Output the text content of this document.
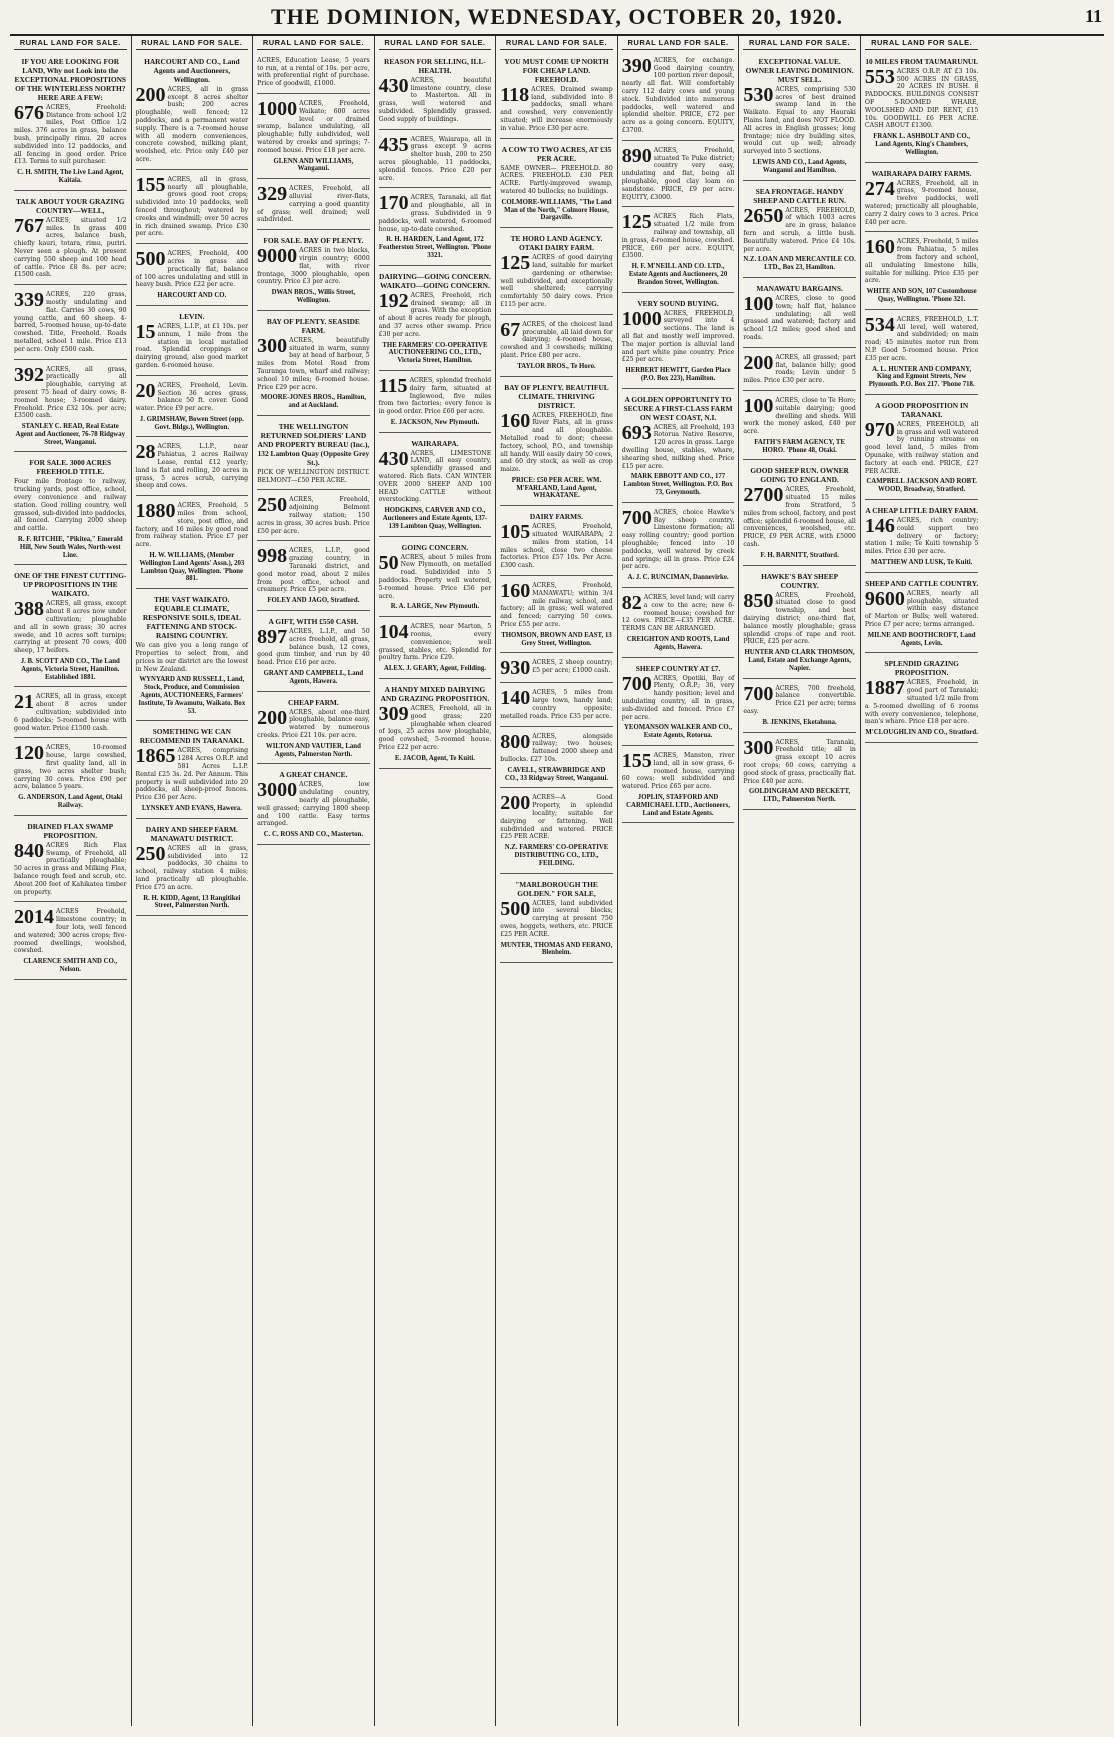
THE DOMINION, WEDNESDAY, OCTOBER 20, 1920.	11
RURAL LAND FOR SALE.
IF YOU ARE LOOKING FOR LAND, Why not Look into the EXCEPTIONAL PROPOSITIONS OF THE WINTERLESS NORTH? HERE ARE A FEW:
676 ACRES, Freehold: Distance from school 1/2 miles, Post Office 1/2 miles. 376 acres in grass, balance bush, principally rimu. 20 acres subdivided into 12 paddocks, and all fencing in good order. Price £13. Terms to suit purchaser.
C. H. SMITH, The Live Land Agent, Kaitaia.
TALK ABOUT YOUR GRAZING COUNTRY—WELL,
767 ACRES, situated 1/2 miles. In grass 400 acres, balance bush, chiefly kauri, totara, rimu, puriri. Never seen a plough. At present carrying 550 sheep and 100 head of cattle. Price £8 8s. per acre; £1500 cash.
339 ACRES, 220 grass, mostly undulating and flat. Carries 30 cows, 90 young cattle, and 60 sheep. 4-barred, 5-roomed house, up-to-date cowshed. Title, Freehold. Roads metalled, school 1 mile. Price £13 per acre. Only £500 cash.
392 ACRES, all grass, practically all ploughable, carrying at present 75 head of dairy cows; 8-roomed house; 3-roomed dairy. Freehold. Price £32 10s. per acre; £3500 cash.
STANLEY C. READ, Real Estate Agent and Auctioneer, 76-78 Ridgway Street, Wanganui.
FOR SALE. 3000 ACRES FREEHOLD TITLE.
Four mile frontage to railway, trucking yards, post office, school, every convenience and railway station. Good rolling country, well grassed, sub-divided into paddocks, all fenced. Carrying 2000 sheep and cattle.
R. F. RITCHIE, "Pikitea," Emerald Hill, New South Wales, North-west Line.
ONE OF THE FINEST CUTTING-UP PROPOSITIONS IN THE WAIKATO.
388 ACRES, all grass, except about 8 acres now under cultivation; ploughable and all in sown grass; 30 acres swede, and 10 acres soft turnips; carrying at present 70 cows, 400 sheep, 17 heifers.
J. B. SCOTT AND CO., The Land Agents, Victoria Street, Hamilton. Established 1881.
21 ACRES, all in grass, except about 8 acres under cultivation; subdivided into 6 paddocks; 5-roomed house with good water. Price £1500 cash.
120 ACRES, 10-roomed house, large cowshed, first quality land, all in grass, two acres shelter bush; carrying 30 cows. Price £90 per acre, balance 5 years.
G. ANDERSON, Land Agent, Otaki Railway.
DRAINED FLAX SWAMP PROPOSITION.
840 ACRES Rich Flax Swamp, of Freehold, all practically ploughable; 50 acres in grass and Milking Flax, balance rough feed and scrub, etc. About 200 feet of Kahikatea timber on property.
2014 ACRES Freehold, limestone country; in four lots, well fenced and watered; 300 acres crops; five-roomed dwellings, woolshed, cowshed.
CLARENCE SMITH AND CO., Nelson.
RURAL LAND FOR SALE.
HARCOURT AND CO., Land Agents and Auctioneers, Wellington.
200 ACRES, all in grass except 8 acres shelter bush; 200 acres ploughable, well fenced; 12 paddocks, and a permanent water supply. There is a 7-roomed house with all modern conveniences, concrete cowshed, milking plant, woolshed, etc. Price only £40 per acre.
155 ACRES, all in grass, nearly all ploughable, grows good root crops; subdivided into 10 paddocks, well fenced throughout; watered by creeks and windmill; over 50 acres in rich drained swamp. Price £30 per acre.
500 ACRES, Freehold, 400 acres in grass and practically flat, balance of 100 acres undulating and still in heavy bush. Price £22 per acre.
HARCOURT AND CO.
LEVIN.
15 ACRES, L.I.P., at £1 10s. per annum, 1 mile from the station in local metalled road. Splendid croppings or dairying ground, also good market garden. 6-roomed house.
20 ACRES, Freehold, Levin. Section 36 acres grass, balance 50 ft. cover. Good water. Price £9 per acre.
J. GRIMSHAW, Bowen Street (opp. Govt. Bldgs.), Wellington.
28 ACRES, L.I.P., near Pahiatua, 2 acres Railway Lease, rental £12 yearly; land is flat and rolling, 20 acres in grass, 5 acres scrub, carrying sheep and cows.
1880 ACRES, Freehold, 5 miles from school, store, post office, and factory, and 16 miles by good road from railway station. Price £7 per acre.
H. W. WILLIAMS, (Member Wellington Land Agents' Assn.), 203 Lambton Quay, Wellington. 'Phone 881.
THE VAST WAIKATO. EQUABLE CLIMATE, RESPONSIVE SOILS, IDEAL FATTENING AND STOCK-RAISING COUNTRY.
We can give you a long range of Properties to select from, and prices in our district are the lowest in New Zealand.
WYNYARD AND RUSSELL, Land, Stock, Produce, and Commission Agents, AUCTIONEERS, Farmers' Institute, Te Awamutu, Waikato. Box 53.
SOMETHING WE CAN RECOMMEND IN TARANAKI.
1865 ACRES, comprising 1284 Acres O.R.P. and 581 Acres L.I.P. Rental £25 3s. 2d. Per Annum. This property is well subdivided into 20 paddocks, all sheep-proof fences. Price £36 per Acre.
LYNSKEY AND EVANS, Hawera.
DAIRY AND SHEEP FARM. MANAWATU DISTRICT.
250 ACRES all in grass, subdivided into 12 paddocks, 30 chains to school, railway station 4 miles; land practically all ploughable. Price £75 an acre.
R. H. KIDD, Agent, 13 Rangitikei Street, Palmerston North.
RURAL LAND FOR SALE.
ACRES, Education Lease, 5 years to run, at a rental of 10s. per acre, with preferential right of purchase. Price of goodwill, £1000.
1000 ACRES, Freehold, Waikato; 600 acres level or drained swamp, balance undulating, all ploughable; fully subdivided, well watered by creeks and springs; 7-roomed house. Price £18 per acre.
GLENN AND WILLIAMS, Wanganui.
329 ACRES, Freehold, all alluvial river-flats, carrying a good quantity of grass; well drained; well subdivided.
FOR SALE. BAY OF PLENTY.
9000 ACRES in two blocks, virgin country; 6000 flat, with river frontage, 3000 ploughable, open country. Price £3 per acre.
DWAN BROS., Willis Street, Wellington.
BAY OF PLENTY. SEASIDE FARM.
300 ACRES, beautifully situated in warm, sunny bay at head of harbour, 5 miles from Motel Road from Tauranga town, wharf and railway; school 10 miles; 6-roomed house. Price £29 per acre.
MOORE-JONES BROS., Hamilton, and at Auckland.
THE WELLINGTON RETURNED SOLDIERS' LAND AND PROPERTY BUREAU (Inc.), 132 Lambton Quay (Opposite Grey St.).
PICK OF WELLINGTON DISTRICT. BELMONT—£50 PER ACRE.
250 ACRES, Freehold, adjoining Belmont railway station; 150 acres in grass, 30 acres bush. Price £50 per acre.
998 ACRES, L.I.P., good grazing country, in Taranaki district, and good motor road, about 2 miles from post office, school and creamery. Price £5 per acre.
FOLEY AND JAGO, Stratford.
A GIFT, WITH £550 CASH.
897 ACRES, L.I.P., and 50 acres freehold, all grass, balance bush, 12 cows, good gum timber, and run by 40 head. Price £16 per acre.
GRANT AND CAMPBELL, Land Agents, Hawera.
CHEAP FARM.
200 ACRES, about one-third ploughable, balance easy, watered by numerous creeks. Price £21 10s. per acre.
WILTON AND VAUTIER, Land Agents, Palmerston North.
A GREAT CHANCE.
3000 ACRES, low undulating country, nearly all ploughable, well grassed; carrying 1800 sheep and 100 cattle. Easy terms arranged.
C. C. ROSS AND CO., Masterton.
RURAL LAND FOR SALE.
REASON FOR SELLING, ILL-HEALTH.
430 ACRES, beautiful limestone country, close to Masterton. All in grass, well watered and subdivided. Splendidly grassed. Good supply of buildings.
435 ACRES, Waiarapa, all in grass except 9 acres shelter bush, 200 to 250 acres ploughable, 11 paddocks, splendid fences. Price £20 per acre.
170 ACRES, Taranaki, all flat and ploughable, all in grass. Subdivided in 9 paddocks, well watered, 6-roomed house, up-to-date cowshed.
R. H. HARDEN, Land Agent, 172 Featherston Street, Wellington. 'Phone 3321.
DAIRYING—GOING CONCERN. WAIKATO—GOING CONCERN.
192 ACRES, Freehold, rich drained swamp; all in grass. With the exception of about 8 acres ready for plough, and 37 acres other swamp. Price £30 per acre.
THE FARMERS' CO-OPERATIVE AUCTIONEERING CO., LTD., Victoria Street, Hamilton.
115 ACRES, splendid freehold dairy farm, situated at Inglewood, five miles from two factories; every fence is in good order. Price £60 per acre.
E. JACKSON, New Plymouth.
WAIRARAPA.
430 ACRES, LIMESTONE LAND, all easy country, splendidly grassed and watered. Rich flats. CAN WINTER OVER 2000 SHEEP AND 100 HEAD CATTLE without overstocking.
HODGKINS, CARVER AND CO., Auctioneers and Estate Agents, 137-139 Lambton Quay, Wellington.
GOING CONCERN.
50 ACRES, about 5 miles from New Plymouth, on metalled road. Subdivided into 5 paddocks. Property well watered, 5-roomed house. Price £56 per acre.
R. A. LARGE, New Plymouth.
104 ACRES, near Marton, 5 rooms, every convenience; well grassed, stables, etc. Splendid for poultry farm. Price £29.
ALEX. J. GEARY, Agent, Feilding.
A HANDY MIXED DAIRYING AND GRAZING PROPOSITION.
309 ACRES, Freehold, all in good grass; 220 ploughable when cleared of logs, 25 acres now ploughable, good cowshed, 5-roomed house. Price £22 per acre.
E. JACOB, Agent, Te Kuiti.
RURAL LAND FOR SALE.
YOU MUST COME UP NORTH FOR CHEAP LAND. FREEHOLD.
118 ACRES. Drained swamp land, subdivided into 8 paddocks, small whare and cowshed, very conveniently situated; will increase enormously in value. Price £30 per acre.
A COW TO TWO ACRES, AT £35 PER ACRE.
SAME OWNER— FREEHOLD. 80 ACRES. FREEHOLD. £30 PER ACRE. Partly-improved swamp, watered 40 bullocks; no buildings.
COLMORE-WILLIAMS, "The Land Man of the North," Colmore House, Dargaville.
TE HORO LAND AGENCY. OTAKI DAIRY FARM.
125 ACRES of good dairying land, suitable for market gardening or otherwise; well subdivided, and exceptionally well sheltered; carrying comfortably 50 dairy cows. Price £115 per acre.
67 ACRES, of the choicest land procurable, all laid down for dairying; 4-roomed house, cowshed and 3 cowsheds; milking plant. Price £80 per acre.
TAYLOR BROS., Te Horo.
BAY OF PLENTY. BEAUTIFUL CLIMATE. THRIVING DISTRICT.
160 ACRES, FREEHOLD, fine River Flats, all in grass and all ploughable. Metalled road to door; cheese factory, school, P.O., and township all handy. Will easily dairy 50 cows, and 60 dry stock, as well as crop maize.
PRICE: £50 PER ACRE. WM. M'FARLAND, Land Agent, WHAKATANE.
DAIRY FARMS.
105 ACRES, Freehold, situated WAIRARAPA; 2 miles from station, 14 miles school, close two cheese factories. Price £57 10s. Per Acre. £300 cash.
160 ACRES, Freehold, MANAWATU; within 3/4 mile railway, school, and factory; all in grass; well watered and fenced; carrying 50 cows. Price £55 per acre.
THOMSON, BROWN AND EAST, 13 Grey Street, Wellington.
930 ACRES, 2 sheep country; £5 per acre; £1000 cash.
140 ACRES, 5 miles from large town, handy land; country opposite; metalled roads. Price £35 per acre.
800 ACRES, alongside railway; two houses; fattened 2000 sheep and bullocks. £27 10s.
CAVELL, STRAWBRIDGE AND CO., 33 Ridgway Street, Wanganui.
200 ACRES—A Good Property, in splendid locality; suitable for dairying or fattening. Well subdivided and watered. PRICE £25 PER ACRE.
N.Z. FARMERS' CO-OPERATIVE DISTRIBUTING CO., LTD., FEILDING.
"MARLBOROUGH THE GOLDEN." FOR SALE,
500 ACRES, land subdivided into several blocks; carrying at present 750 ewes, hoggets, wethers, etc. PRICE £25 PER ACRE.
MUNTER, THOMAS AND FERANO, Blenheim.
RURAL LAND FOR SALE.
390 ACRES, for exchange. Good dairying country, 100 portion river deposit, nearly all flat. Will comfortably carry 112 dairy cows and young stock. Subdivided into numerous paddocks, well watered and splendid shelter. PRICE, £72 per acre as a going concern. EQUITY, £3700.
890 ACRES, Freehold, situated Te Puke district; country very easy, undulating and flat, being all ploughable, good clay loam on sandstone. PRICE, £9 per acre. EQUITY, £3000.
125 ACRES Rich Flats, situated 1/2 mile from railway and township, all in grass, 4-roomed house, cowshed. PRICE, £60 per acre. EQUITY, £3500.
H. F. M'NEILL AND CO. LTD., Estate Agents and Auctioneers, 20 Brandon Street, Wellington.
VERY SOUND BUYING.
1000 ACRES, FREEHOLD, surveyed into 4 sections. The land is all flat and mostly well improved. The major portion is alluvial land and part white pine country. Price £25 per acre.
HERBERT HEWITT, Garden Place (P.O. Box 223), Hamilton.
A GOLDEN OPPORTUNITY TO SECURE A FIRST-CLASS FARM ON WEST COAST, N.I.
693 ACRES, all Freehold, 193 Rotorua Native Reserve, 120 acres in grass. Large dwelling house, stables, whare, shearing shed, milking shed. Price £15 per acre.
MARK EBBOTT AND CO., 177 Lambton Street, Wellington. P.O. Box 73, Greymouth.
700 ACRES, choice Hawke's Bay sheep country. Limestone formation; all easy rolling country; good portion ploughable; fenced into 10 paddocks, well watered by creek and springs; all in grass. Price £24 per acre.
A. J. C. RUNCIMAN, Dannevirke.
82 ACRES, level land; will carry a cow to the acre; new 6-roomed house; cowshed for 12 cows. PRICE—£35 PER ACRE. TERMS CAN BE ARRANGED.
CREIGHTON AND ROOTS, Land Agents, Hawera.
SHEEP COUNTRY AT £7.
700 ACRES, Opotiki, Bay of Plenty, O.R.P.; 36, very handy position; level and undulating country, all in grass, sub-divided and fenced. Price £7 per acre.
YEOMANSON WALKER AND CO., Estate Agents, Rotorua.
155 ACRES, Manston, river land, all in sow grass, 6-roomed house, carrying 60 cows; well subdivided and watered. Price £65 per acre.
JOPLIN, STAFFORD AND CARMICHAEL LTD., Auctioneers, Land and Estate Agents.
RURAL LAND FOR SALE.
EXCEPTIONAL VALUE. OWNER LEAVING DOMINION. MUST SELL.
530 ACRES, comprising 530 acres of best drained swamp land in the Waikato. Equal to any Hauraki Plains land, and does NOT FLOOD. All acres in English grasses; long frontage; nice dry building sites, would cut up well; already surveyed into 5 sections.
LEWIS AND CO., Land Agents, Wanganui and Hamilton.
SEA FRONTAGE. HANDY SHEEP AND CATTLE RUN.
2650 ACRES, FREEHOLD, of which 1003 acres are in grass, balance fern and scrub, a little bush. Beautifully watered. Price £4 10s. per acre.
N.Z. LOAN AND MERCANTILE CO. LTD., Box 23, Hamilton.
MANAWATU BARGAINS.
100 ACRES, close to good town; half flat, balance undulating; all well grassed and watered; factory and school 1/2 miles; good shed and roads.
200 ACRES, all grassed; part flat, balance hilly; good roads; Levin under 5 miles. Price £30 per acre.
100 ACRES, close to Te Horo; suitable dairying; good dwelling and sheds. Will work the money asked, £40 per acre.
FAITH'S FARM AGENCY, TE HORO. 'Phone 48, Otaki.
GOOD SHEEP RUN. OWNER GOING TO ENGLAND.
2700 ACRES, Freehold, situated 15 miles from Stratford, 5 miles from school, factory, and post office; splendid 6-roomed house, all conveniences, woolshed, etc. PRICE, £9 PER ACRE, with £5000 cash.
F. H. BARNITT, Stratford.
HAWKE'S BAY SHEEP COUNTRY.
850 ACRES, Freehold, situated close to good township, and best dairying district; one-third flat, balance mostly ploughable; grass splendid crops of rape and root. PRICE, £25 per acre.
HUNTER AND CLARK THOMSON, Land, Estate and Exchange Agents, Napier.
700 ACRES, 700 freehold, balance convertible. Price £21 per acre; terms easy.
B. JENKINS, Eketahuna.
300 ACRES, Taranaki, Freehold title; all in grass except 10 acres root crops; 60 cows, carrying a good stock of grass, practically flat. Price £40 per acre.
GOLDINGHAM AND BECKETT, LTD., Palmerston North.
RURAL LAND FOR SALE.
10 MILES FROM TAUMARUNUI.
553 ACRES O.R.P. AT £3 10s. 500 ACRES IN GRASS, 20 ACRES IN BUSH. 8 PADDOCKS. BUILDINGS CONSIST OF 5-ROOMED WHARE, WOOLSHED AND DIP. RENT, £15 10s. GOODWILL £6 PER ACRE. CASH ABOUT £1300.
FRANK L. ASHBOLT AND CO., Land Agents, King's Chambers, Wellington.
WAIRARAPA DAIRY FARMS.
274 ACRES, Freehold, all in grass, 9-roomed house, twelve paddocks, well watered; practically all ploughable, carry 2 dairy cows to 3 acres. Price £40 per acre.
160 ACRES, Freehold, 5 miles from Pahiatua, 5 miles from factory and school, all undulating limestone hills, suitable for milking. Price £35 per acre.
WHITE AND SON, 107 Customhouse Quay, Wellington. 'Phone 321.
534 ACRES, FREEHOLD, L.T. All level, well watered, and subdivided; on main road; 45 minutes motor run from N.P. Good 5-roomed house. Price £35 per acre.
A. L. HUNTER AND COMPANY, King and Egmont Streets, New Plymouth. P.O. Box 217. 'Phone 718.
A GOOD PROPOSITION IN TARANAKI.
970 ACRES, FREEHOLD, all in grass and well watered by running streams on good level land, 5 miles from Opunake, with railway station and factory at each end. PRICE, £27 PER ACRE.
CAMPBELL JACKSON AND ROBT. WOOD, Broadway, Stratford.
A CHEAP LITTLE DAIRY FARM.
146 ACRES, rich country; could support two delivery or factory; station 1 mile; Te Kuiti township 5 miles. Price £30 per acre.
MATTHEW AND LUSK, Te Kuiti.
SHEEP AND CATTLE COUNTRY.
9600 ACRES, nearly all ploughable, situated within easy distance of Marton or Bulls; well watered. Price £7 per acre; terms arranged.
MILNE AND BOOTHCROFT, Land Agents, Levin.
SPLENDID GRAZING PROPOSITION.
1887 ACRES, Freehold, in good part of Taranaki; situated 1/2 mile from a 5-roomed dwelling of 6 rooms with every convenience, telephone, man's whare. Price £18 per acre.
M'CLOUGHLIN AND CO., Stratford.
